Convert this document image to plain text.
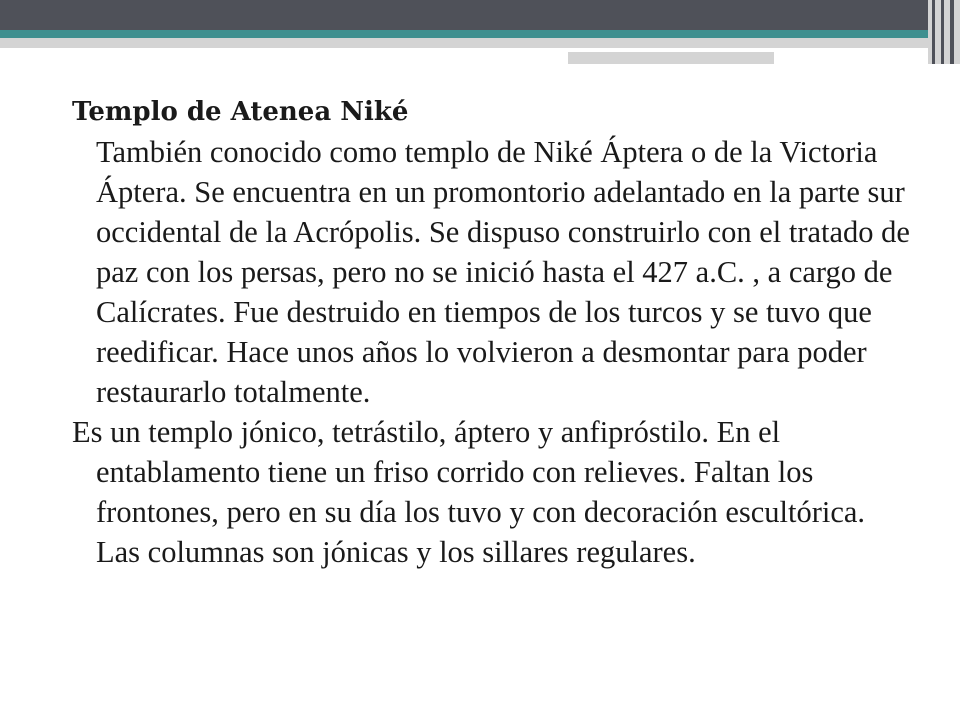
Templo de Atenea Niké

También conocido como templo de Niké Áptera o de la Victoria Áptera. Se encuentra en un promontorio adelantado en la parte sur occidental de la Acrópolis. Se dispuso construirlo con el tratado de paz con los persas, pero no se inició hasta el 427 a.C. , a cargo de Calícrates. Fue destruido en tiempos de los turcos y se tuvo que reedificar. Hace unos años lo volvieron a desmontar para poder restaurarlo totalmente.

Es un templo jónico, tetrástilo, áptero y anfipróstilo. En el entablamento tiene un friso corrido con relieves. Faltan los frontones, pero en su día los tuvo y con decoración escultórica. Las columnas son jónicas y los sillares regulares.
